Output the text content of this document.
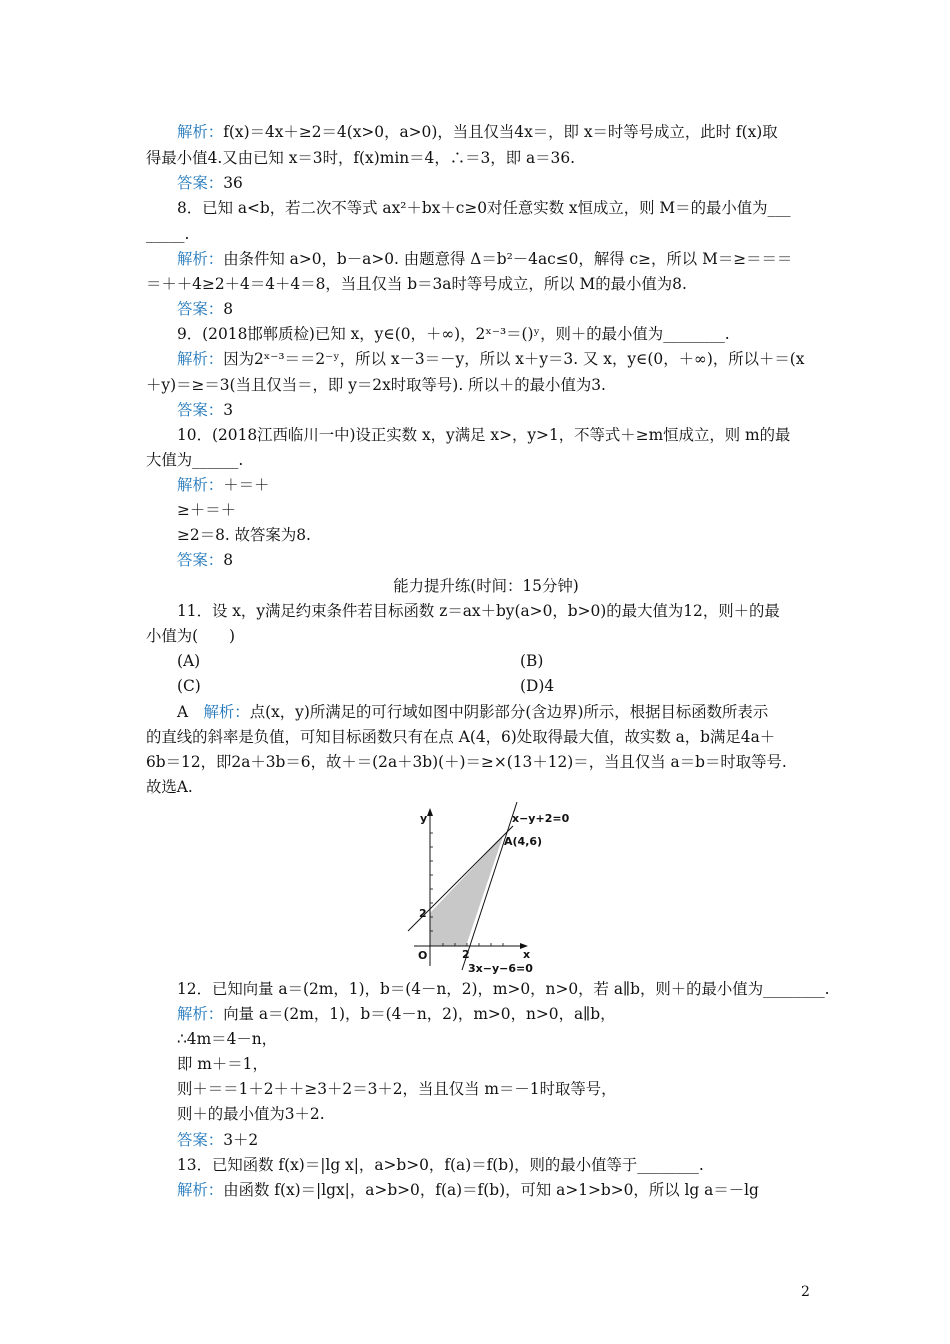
解析：f(x)＝4x＋≥2＝4(x>0，a>0)，当且仅当4x＝，即 x＝时等号成立，此时 f(x)取
得最小值4.又由已知 x＝3时，f(x)min＝4，∴＝3，即 a＝36.
答案：36
8．已知 a<b，若二次不等式 ax²＋bx＋c≥0对任意实数 x恒成立，则 M＝的最小值为___
_____.
解析：由条件知 a>0，b－a>0. 由题意得 Δ＝b²－4ac≤0，解得 c≥，所以 M＝≥＝＝＝
＝＋＋4≥2＋4＝4＋4＝8，当且仅当 b＝3a时等号成立，所以 M的最小值为8.
答案：8
9．(2018邯郸质检)已知 x，y∈(0，＋∞)，2ˣ⁻³＝()ʸ，则＋的最小值为________.
解析：因为2ˣ⁻³＝＝2⁻ʸ，所以 x－3＝－y，所以 x＋y＝3. 又 x，y∈(0，＋∞)，所以＋＝(x
＋y)＝≥＝3(当且仅当＝，即 y＝2x时取等号). 所以＋的最小值为3.
答案：3
10．(2018江西临川一中)设正实数 x，y满足 x>，y>1，不等式＋≥m恒成立，则 m的最
大值为______.
解析：＋＝＋
≥＋＝＋
≥2＝8. 故答案为8.
答案：8
能力提升练(时间：15分钟)
11．设 x，y满足约束条件若目标函数 z＝ax＋by(a>0，b>0)的最大值为12，则＋的最
小值为(　　)
(A)	(B)
(C)	(D)4
A　解析：点(x，y)所满足的可行域如图中阴影部分(含边界)所示，根据目标函数所表示
的直线的斜率是负值，可知目标函数只有在点 A(4，6)处取得最大值，故实数 a，b满足4a＋
6b＝12，即2a＋3b＝6，故＋＝(2a＋3b)(＋)＝≥×(13＋12)＝，当且仅当 a＝b＝时取等号.
故选A.
y
x
O
2
2
x−y+2=0
A(4,6)
3x−y−6=0
12．已知向量 a＝(2m，1)，b＝(4－n，2)，m>0，n>0，若 a∥b，则＋的最小值为________.
解析：向量 a＝(2m，1)，b＝(4－n，2)，m>0，n>0，a∥b，
∴4m＝4－n，
即 m＋＝1，
则＋＝＝1＋2＋＋≥3＋2＝3＋2，当且仅当 m＝－1时取等号，
则＋的最小值为3＋2.
答案：3＋2
13．已知函数 f(x)＝|lg x|，a>b>0，f(a)＝f(b)，则的最小值等于________.
解析：由函数 f(x)＝|lgx|，a>b>0，f(a)＝f(b)，可知 a>1>b>0，所以 lg a＝－lg
2
